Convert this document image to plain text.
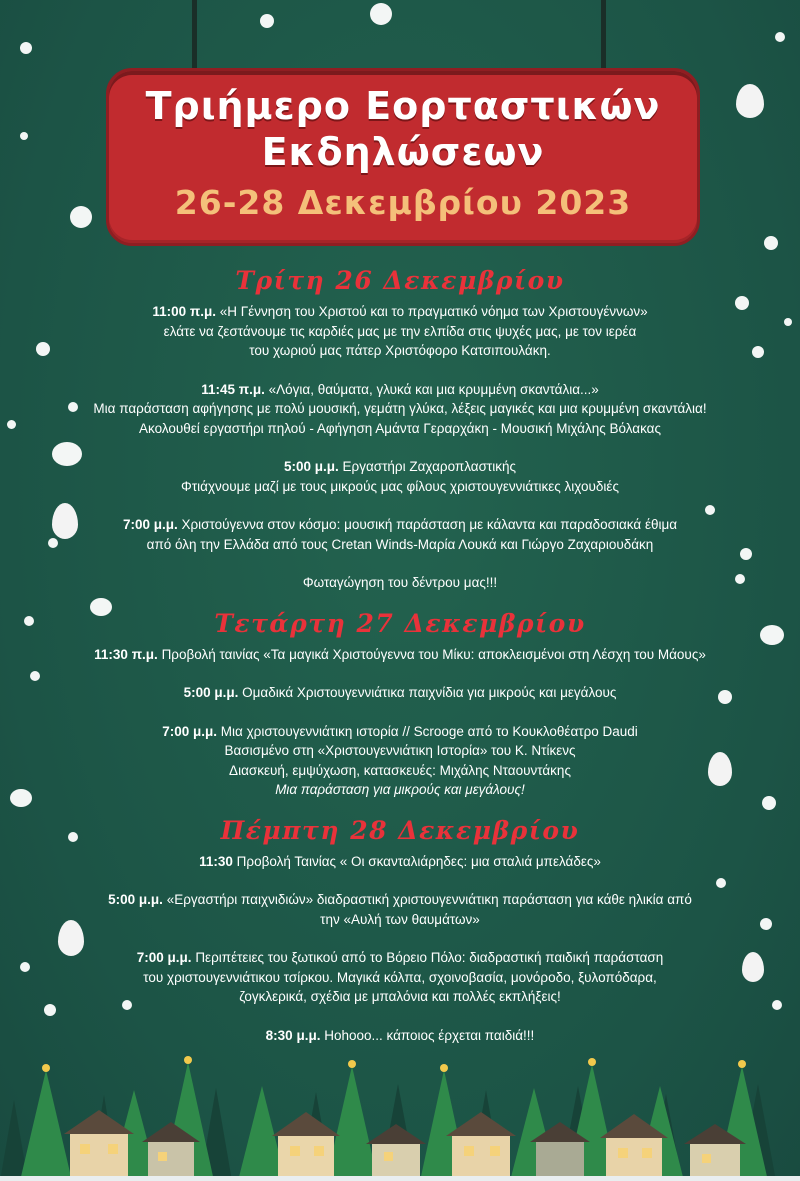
Τριήμερο Εορταστικών
Εκδηλώσεων
26-28 Δεκεμβρίου 2023
Τρίτη 26 Δεκεμβρίου
11:00 π.μ. «Η Γέννηση του Χριστού και το πραγματικό νόημα των Χριστουγέννων»
ελάτε να ζεστάνουμε τις καρδιές μας με την ελπίδα στις ψυχές μας, με τον ιερέα
του χωριού μας πάτερ Χριστόφορο Κατσιπουλάκη.
11:45 π.μ. «Λόγια, θαύματα, γλυκά και μια κρυμμένη σκαντάλια...»
Μια παράσταση αφήγησης με πολύ μουσική, γεμάτη γλύκα, λέξεις μαγικές και μια κρυμμένη σκαντάλια!
Ακολουθεί εργαστήρι πηλού - Αφήγηση Αμάντα Γεραρχάκη - Μουσική Μιχάλης Βόλακας
5:00 μ.μ. Εργαστήρι Ζαχαροπλαστικής
Φτιάχνουμε μαζί με τους μικρούς μας φίλους χριστουγεννιάτικες λιχουδιές
7:00 μ.μ. Χριστούγεννα στον κόσμο: μουσική παράσταση με κάλαντα και παραδοσιακά έθιμα
από όλη την Ελλάδα από τους Cretan Winds-Μαρία Λουκά και Γιώργο Ζαχαριουδάκη
Φωταγώγηση του δέντρου μας!!!
Τετάρτη 27 Δεκεμβρίου
11:30 π.μ. Προβολή ταινίας «Τα μαγικά Χριστούγεννα του Μίκυ: αποκλεισμένοι στη Λέσχη του Μάους»
5:00 μ.μ. Ομαδικά Χριστουγεννιάτικα παιχνίδια για μικρούς και μεγάλους
7:00 μ.μ. Μια χριστουγεννιάτικη ιστορία // Scrooge από το Κουκλοθέατρο Daudi
Βασισμένο στη «Χριστουγεννιάτικη Ιστορία» του Κ. Ντίκενς
Διασκευή, εμψύχωση, κατασκευές: Μιχάλης Νταουντάκης
Μια παράσταση για μικρούς και μεγάλους!
Πέμπτη 28 Δεκεμβρίου
11:30 Προβολή Ταινίας « Οι σκανταλιάρηδες: μια σταλιά μπελάδες»
5:00 μ.μ. «Εργαστήρι παιχνιδιών» διαδραστική χριστουγεννιάτικη παράσταση για κάθε ηλικία από
την «Αυλή των θαυμάτων»
7:00 μ.μ. Περιπέτειες του ξωτικού από το Βόρειο Πόλο: διαδραστική παιδική παράσταση
του χριστουγεννιάτικου τσίρκου. Μαγικά κόλπα, σχοινοβασία, μονόροδο, ξυλοπόδαρα,
ζογκλερικά, σχέδια με μπαλόνια και πολλές εκπλήξεις!
8:30 μ.μ. Hohooo... κάποιος έρχεται παιδιά!!!
